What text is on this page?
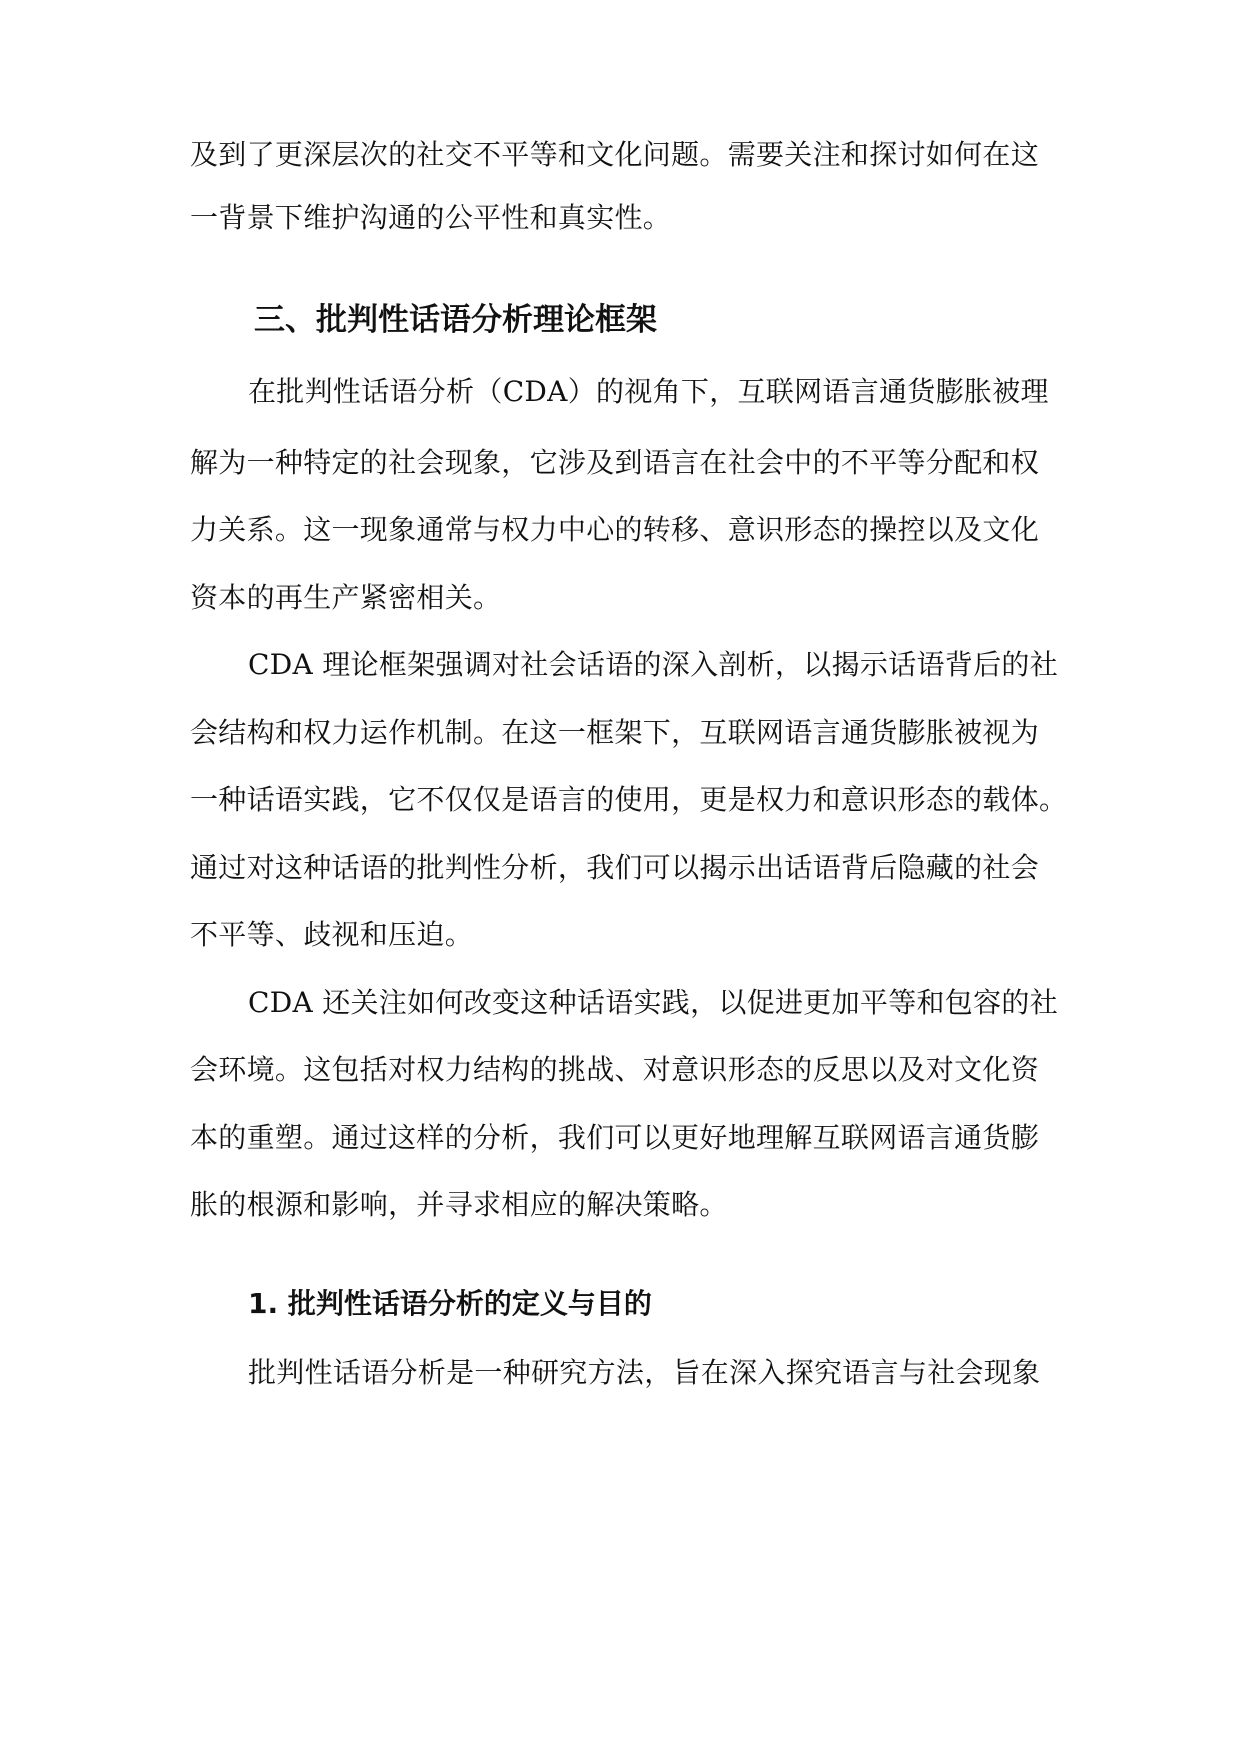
及到了更深层次的社交不平等和文化问题。需要关注和探讨如何在这
一背景下维护沟通的公平性和真实性。
三、批判性话语分析理论框架
在批判性话语分析（CDA）的视角下，互联网语言通货膨胀被理
解为一种特定的社会现象，它涉及到语言在社会中的不平等分配和权
力关系。这一现象通常与权力中心的转移、意识形态的操控以及文化
资本的再生产紧密相关。
CDA 理论框架强调对社会话语的深入剖析，以揭示话语背后的社
会结构和权力运作机制。在这一框架下，互联网语言通货膨胀被视为
一种话语实践，它不仅仅是语言的使用，更是权力和意识形态的载体。
通过对这种话语的批判性分析，我们可以揭示出话语背后隐藏的社会
不平等、歧视和压迫。
CDA 还关注如何改变这种话语实践，以促进更加平等和包容的社
会环境。这包括对权力结构的挑战、对意识形态的反思以及对文化资
本的重塑。通过这样的分析，我们可以更好地理解互联网语言通货膨
胀的根源和影响，并寻求相应的解决策略。
1. 批判性话语分析的定义与目的
批判性话语分析是一种研究方法，旨在深入探究语言与社会现象
